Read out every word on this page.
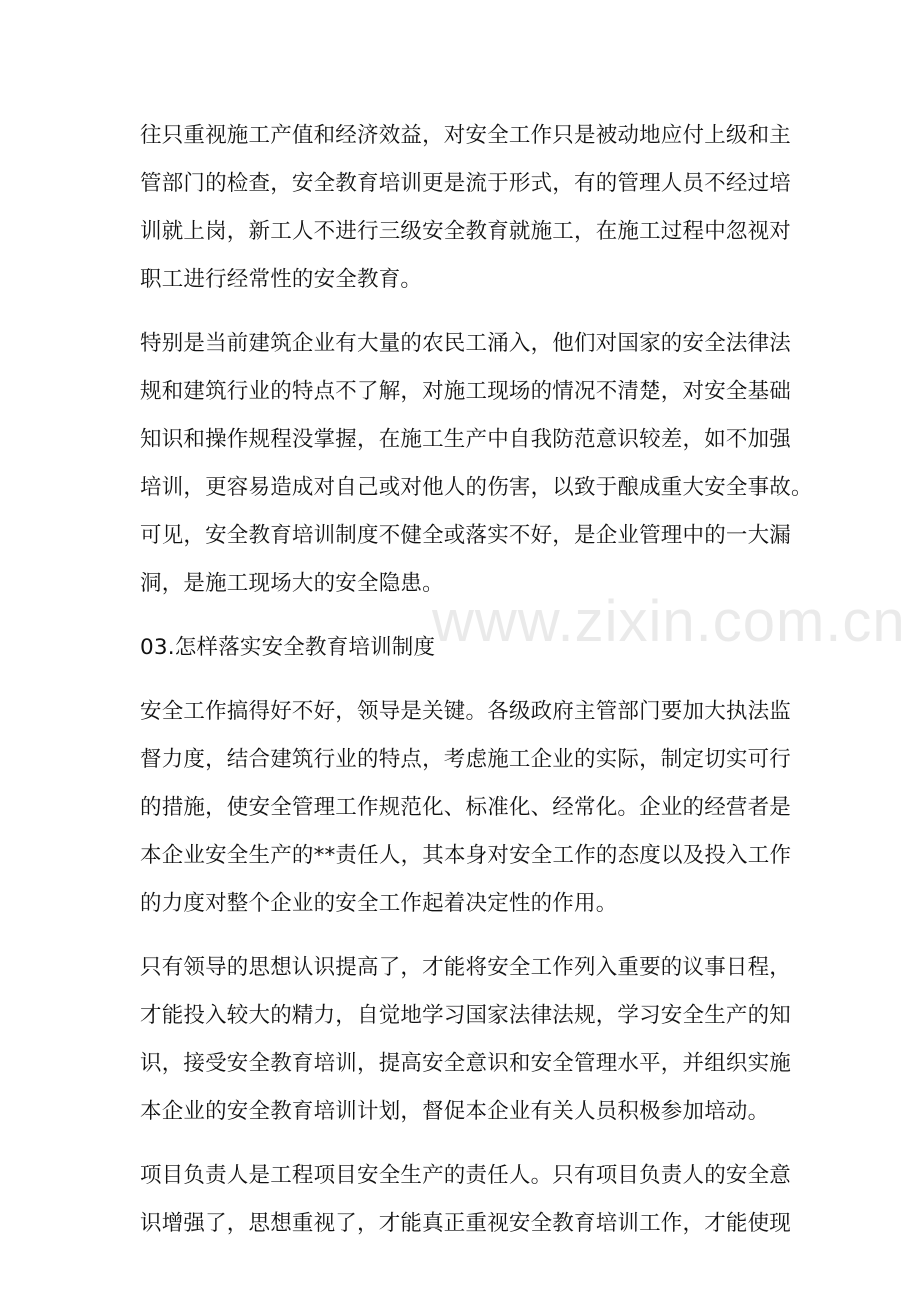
www.zixin.com.cn
往只重视施工产值和经济效益，对安全工作只是被动地应付上级和主
管部门的检查，安全教育培训更是流于形式，有的管理人员不经过培
训就上岗，新工人不进行三级安全教育就施工，在施工过程中忽视对
职工进行经常性的安全教育。
特别是当前建筑企业有大量的农民工涌入，他们对国家的安全法律法
规和建筑行业的特点不了解，对施工现场的情况不清楚，对安全基础
知识和操作规程没掌握，在施工生产中自我防范意识较差，如不加强
培训，更容易造成对自己或对他人的伤害，以致于酿成重大安全事故。
可见，安全教育培训制度不健全或落实不好，是企业管理中的一大漏
洞，是施工现场大的安全隐患。
03.怎样落实安全教育培训制度
安全工作搞得好不好，领导是关键。各级政府主管部门要加大执法监
督力度，结合建筑行业的特点，考虑施工企业的实际，制定切实可行
的措施，使安全管理工作规范化、标准化、经常化。企业的经营者是
本企业安全生产的**责任人，其本身对安全工作的态度以及投入工作
的力度对整个企业的安全工作起着决定性的作用。
只有领导的思想认识提高了，才能将安全工作列入重要的议事日程，
才能投入较大的精力，自觉地学习国家法律法规，学习安全生产的知
识，接受安全教育培训，提高安全意识和安全管理水平，并组织实施
本企业的安全教育培训计划，督促本企业有关人员积极参加培动。
项目负责人是工程项目安全生产的责任人。只有项目负责人的安全意
识增强了，思想重视了，才能真正重视安全教育培训工作，才能使现
